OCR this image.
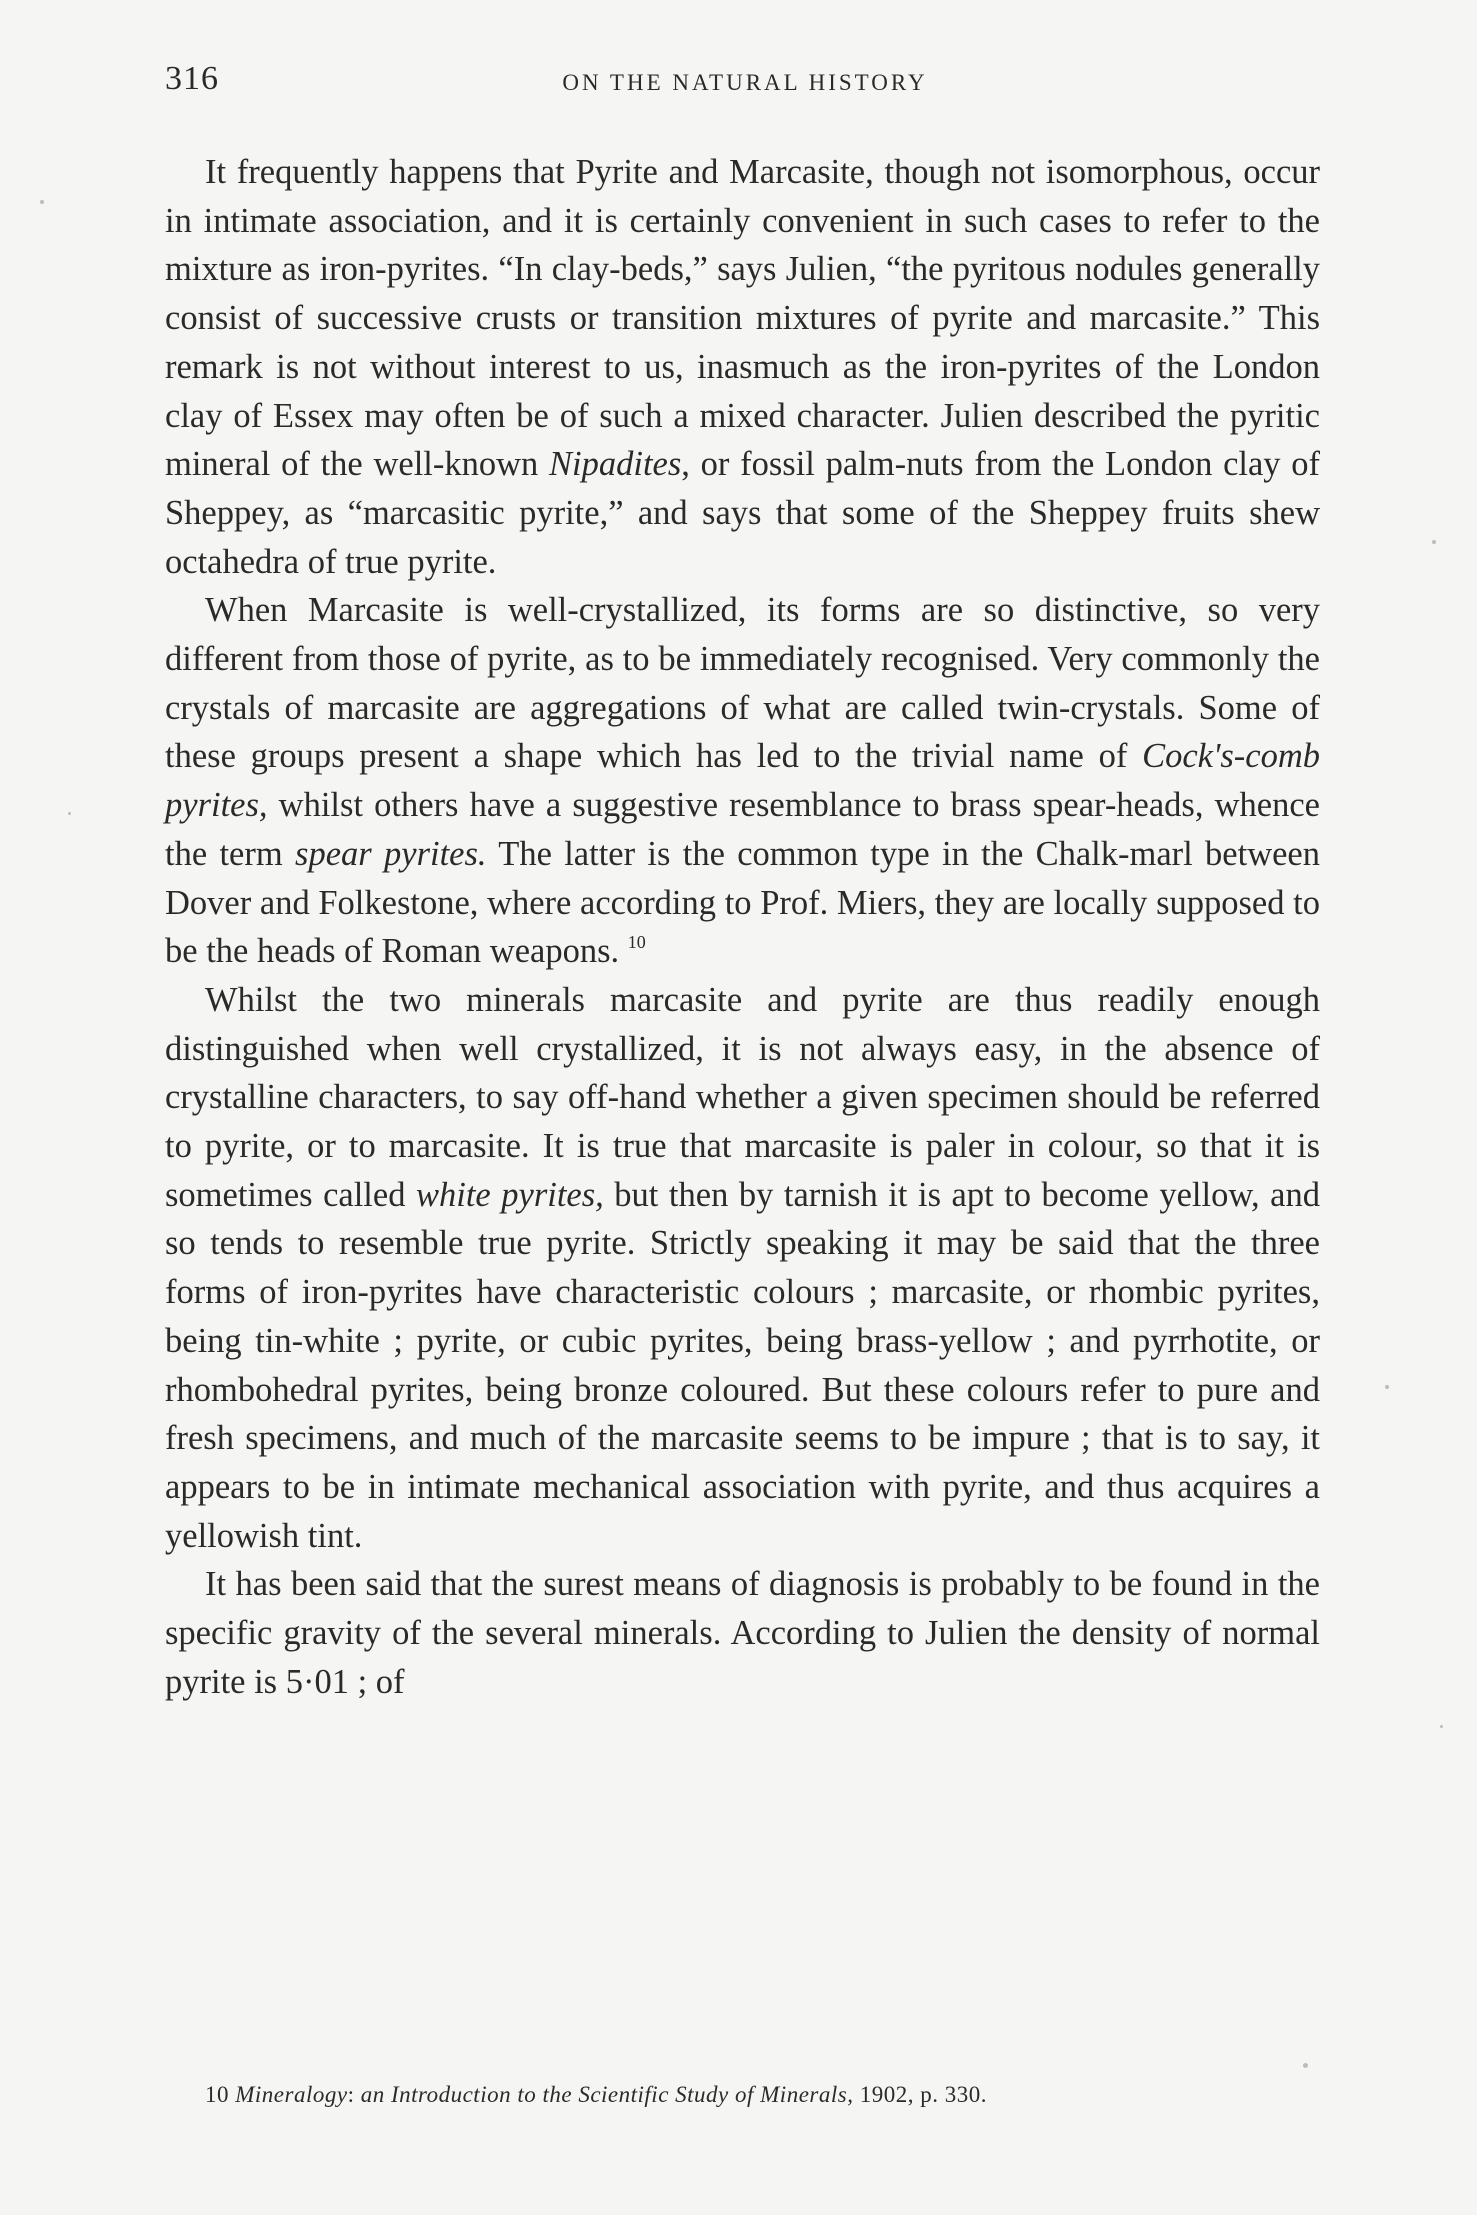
316	ON THE NATURAL HISTORY

It frequently happens that Pyrite and Marcasite, though not isomorphous, occur in intimate association, and it is certainly convenient in such cases to refer to the mixture as iron-pyrites. “In clay-beds,” says Julien, “the pyritous nodules generally consist of successive crusts or transition mixtures of pyrite and marcasite.” This remark is not without interest to us, inasmuch as the iron-pyrites of the London clay of Essex may often be of such a mixed character. Julien described the pyritic mineral of the well-known Nipadites, or fossil palm-nuts from the London clay of Sheppey, as “marcasitic pyrite,” and says that some of the Sheppey fruits shew octahedra of true pyrite.

When Marcasite is well-crystallized, its forms are so distinctive, so very different from those of pyrite, as to be immediately recognised. Very commonly the crystals of marcasite are aggregations of what are called twin-crystals. Some of these groups present a shape which has led to the trivial name of Cock's-comb pyrites, whilst others have a suggestive resemblance to brass spear-heads, whence the term spear pyrites. The latter is the common type in the Chalk-marl between Dover and Folkestone, where according to Prof. Miers, they are locally supposed to be the heads of Roman weapons. $^{10}$

Whilst the two minerals marcasite and pyrite are thus readily enough distinguished when well crystallized, it is not always easy, in the absence of crystalline characters, to say off-hand whether a given specimen should be referred to pyrite, or to marcasite. It is true that marcasite is paler in colour, so that it is sometimes called white pyrites, but then by tarnish it is apt to become yellow, and so tends to resemble true pyrite. Strictly speaking it may be said that the three forms of iron-pyrites have characteristic colours ; marcasite, or rhombic pyrites, being tin-white ; pyrite, or cubic pyrites, being brass-yellow ; and pyrrhotite, or rhombohedral pyrites, being bronze coloured. But these colours refer to pure and fresh specimens, and much of the marcasite seems to be impure ; that is to say, it appears to be in intimate mechanical association with pyrite, and thus acquires a yellowish tint.

It has been said that the surest means of diagnosis is probably to be found in the specific gravity of the several minerals. According to Julien the density of normal pyrite is 5·01 ; of

10 Mineralogy: an Introduction to the Scientific Study of Minerals, 1902, p. 330.
